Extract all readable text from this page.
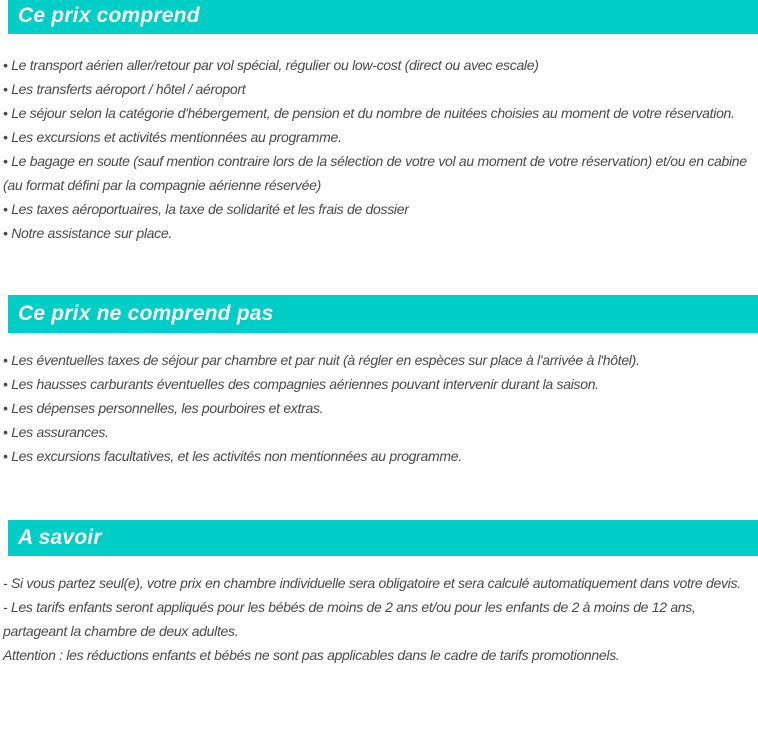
Ce prix comprend

• Le transport aérien aller/retour par vol spécial, régulier ou low-cost (direct ou avec escale)

• Les transferts aéroport / hôtel / aéroport

• Le séjour selon la catégorie d'hébergement, de pension et du nombre de nuitées choisies au moment de votre réservation.

• Les excursions et activités mentionnées au programme.

• Le bagage en soute (sauf mention contraire lors de la sélection de votre vol au moment de votre réservation) et/ou en cabine (au format défini par la compagnie aérienne réservée)

• Les taxes aéroportuaires, la taxe de solidarité et les frais de dossier

• Notre assistance sur place.

Ce prix ne comprend pas

• Les éventuelles taxes de séjour par chambre et par nuit (à régler en espèces sur place à l'arrivée à l'hôtel).

• Les hausses carburants éventuelles des compagnies aériennes pouvant intervenir durant la saison.

• Les dépenses personnelles, les pourboires et extras.

• Les assurances.

• Les excursions facultatives, et les activités non mentionnées au programme.

A savoir

- Si vous partez seul(e), votre prix en chambre individuelle sera obligatoire et sera calculé automatiquement dans votre devis.

- Les tarifs enfants seront appliqués pour les bébés de moins de 2 ans et/ou pour les enfants de 2 à moins de 12 ans, partageant la chambre de deux adultes.

Attention : les réductions enfants et bébés ne sont pas applicables dans le cadre de tarifs promotionnels.
